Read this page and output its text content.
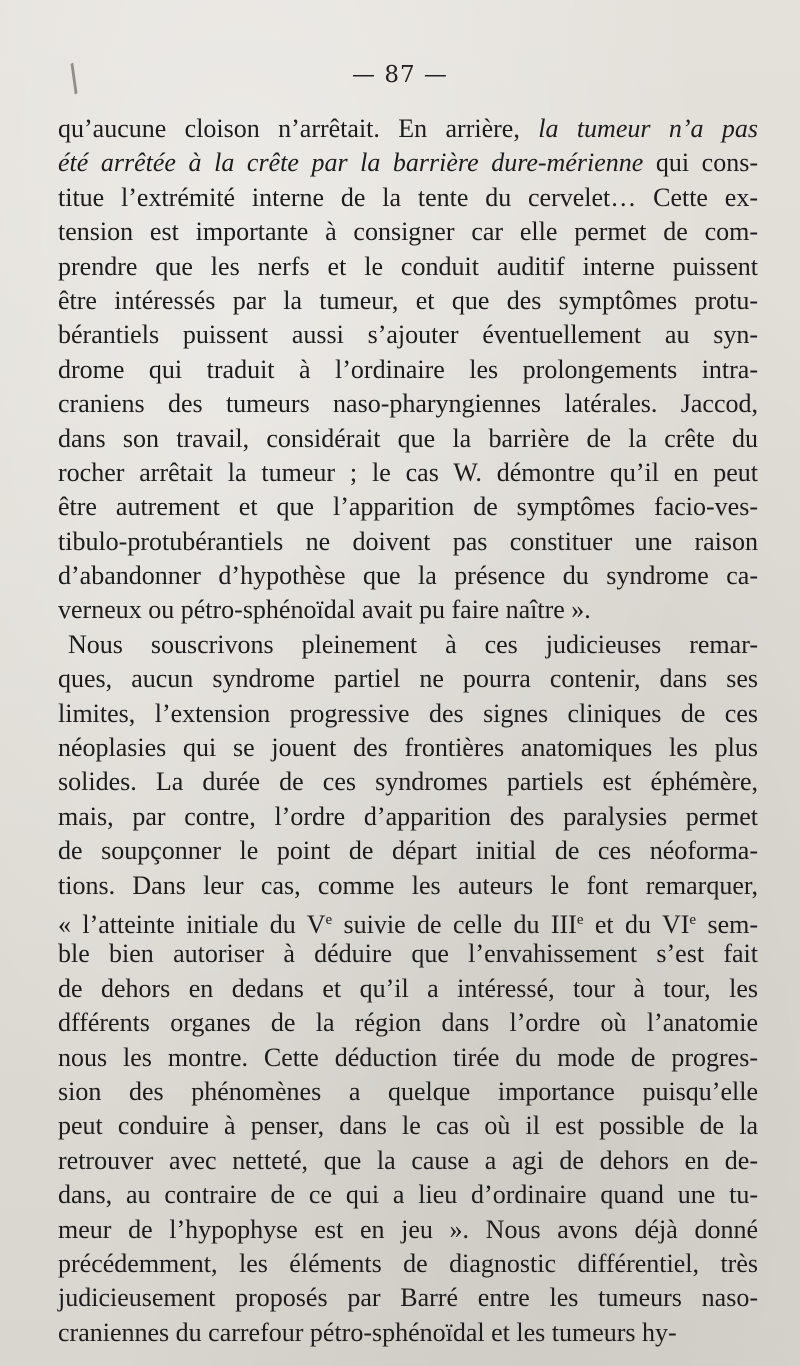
/	— 87 —
qu’aucune cloison n’arrêtait. En arrière, la tumeur n’a pas
été arrêtée à la crête par la barrière dure-mérienne qui cons-
titue l’extrémité interne de la tente du cervelet… Cette ex-
tension est importante à consigner car elle permet de com-
prendre que les nerfs et le conduit auditif interne puissent
être intéressés par la tumeur, et que des symptômes protu-
bérantiels puissent aussi s’ajouter éventuellement au syn-
drome qui traduit à l’ordinaire les prolongements intra-
craniens des tumeurs naso-pharyngiennes latérales. Jaccod,
dans son travail, considérait que la barrière de la crête du
rocher arrêtait la tumeur ; le cas W. démontre qu’il en peut
être autrement et que l’apparition de symptômes facio-ves-
tibulo-protubérantiels ne doivent pas constituer une raison
d’abandonner d’hypothèse que la présence du syndrome ca-
verneux ou pétro-sphénoïdal avait pu faire naître ».
Nous souscrivons pleinement à ces judicieuses remar-
ques, aucun syndrome partiel ne pourra contenir, dans ses
limites, l’extension progressive des signes cliniques de ces
néoplasies qui se jouent des frontières anatomiques les plus
solides. La durée de ces syndromes partiels est éphémère,
mais, par contre, l’ordre d’apparition des paralysies permet
de soupçonner le point de départ initial de ces néoforma-
tions. Dans leur cas, comme les auteurs le font remarquer,
« l’atteinte initiale du Ve suivie de celle du IIIe et du VIe sem-
ble bien autoriser à déduire que l’envahissement s’est fait
de dehors en dedans et qu’il a intéressé, tour à tour, les
dfférents organes de la région dans l’ordre où l’anatomie
nous les montre. Cette déduction tirée du mode de progres-
sion des phénomènes a quelque importance puisqu’elle
peut conduire à penser, dans le cas où il est possible de la
retrouver avec netteté, que la cause a agi de dehors en de-
dans, au contraire de ce qui a lieu d’ordinaire quand une tu-
meur de l’hypophyse est en jeu ». Nous avons déjà donné
précédemment, les éléments de diagnostic différentiel, très
judicieusement proposés par Barré entre les tumeurs naso-
craniennes du carrefour pétro-sphénoïdal et les tumeurs hy-
